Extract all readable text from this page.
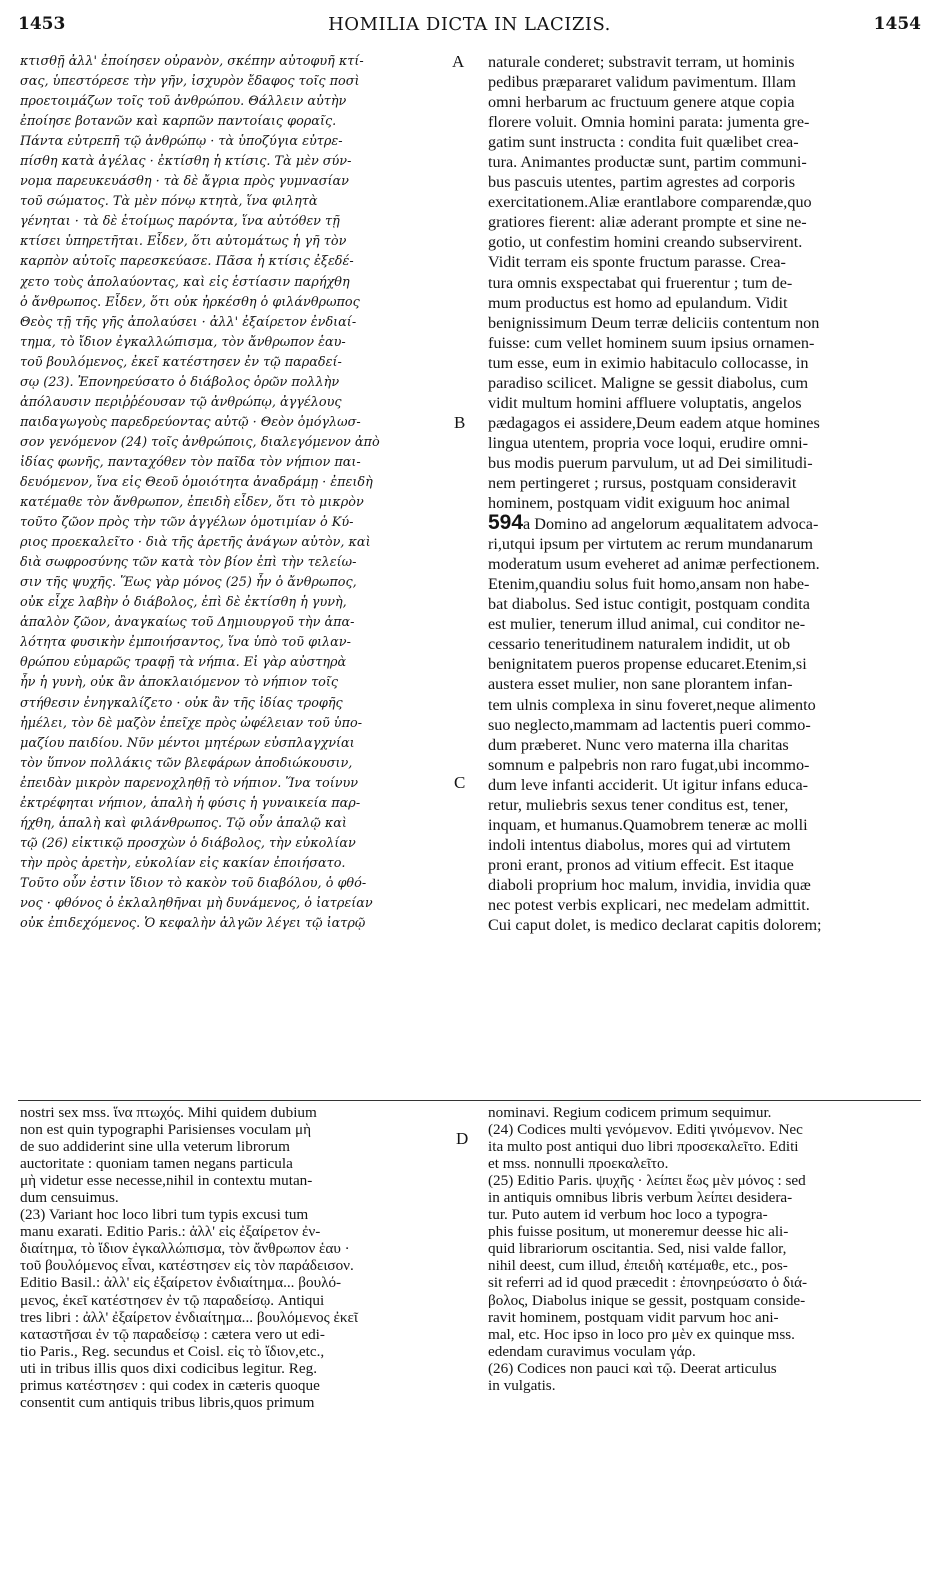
1453	HOMILIA DICTA IN LACIZIS.	1454
κτισθῇ ἀλλ' ἐποίησεν οὐρανὸν, σκέπην αὐτοφυῆ κτί-
σας, ὑπεστόρεσε τὴν γῆν, ἰσχυρὸν ἔδαφος τοῖς ποσὶ
προετοιμάζων τοῖς τοῦ ἀνθρώπου. Θάλλειν αὐτὴν
ἐποίησε βοτανῶν καὶ καρπῶν παντοίαις φοραῖς.
Πάντα εὐτρεπῆ τῷ ἀνθρώπῳ · τὰ ὑποζύγια εὐτρε-
πίσθη κατὰ ἀγέλας · ἐκτίσθη ἡ κτίσις. Τὰ μὲν σύν-
νομα παρευκευάσθη · τὰ δὲ ἄγρια πρὸς γυμνασίαν
τοῦ σώματος. Τὰ μὲν πόνῳ κτητὰ, ἵνα φιλητὰ
γένηται · τὰ δὲ ἑτοίμως παρόντα, ἵνα αὐτόθεν τῇ
κτίσει ὑπηρετῆται. Εἶδεν, ὅτι αὐτομάτως ἡ γῆ τὸν
καρπὸν αὐτοῖς παρεσκεύασε. Πᾶσα ἡ κτίσις ἐξεδέ-
χετο τοὺς ἀπολαύοντας, καὶ εἰς ἑστίασιν παρήχθη
ὁ ἄνθρωπος. Εἶδεν, ὅτι οὐκ ἠρκέσθη ὁ φιλάνθρωπος
Θεὸς τῇ τῆς γῆς ἀπολαύσει · ἀλλ' ἐξαίρετον ἐνδιαί-
τημα, τὸ ἴδιον ἐγκαλλώπισμα, τὸν ἄνθρωπον ἑαυ-
τοῦ βουλόμενος, ἐκεῖ κατέστησεν ἐν τῷ παραδεί-
σῳ (23). Ἐπονηρεύσατο ὁ διάβολος ὁρῶν πολλὴν
ἀπόλαυσιν περιῤῥέουσαν τῷ ἀνθρώπῳ, ἀγγέλους
παιδαγωγοὺς παρεδρεύοντας αὐτῷ · Θεὸν ὁμόγλωσ-
σον γενόμενον (24) τοῖς ἀνθρώποις, διαλεγόμενον ἀπὸ
ἰδίας φωνῆς, πανταχόθεν τὸν παῖδα τὸν νήπιον παι-
δευόμενον, ἵνα εἰς Θεοῦ ὁμοιότητα ἀναδράμῃ · ἐπειδὴ
κατέμαθε τὸν ἄνθρωπον, ἐπειδὴ εἶδεν, ὅτι τὸ μικρὸν
τοῦτο ζῶον πρὸς τὴν τῶν ἀγγέλων ὁμοτιμίαν ὁ Κύ-
ριος προεκαλεῖτο · διὰ τῆς ἀρετῆς ἀνάγων αὐτὸν, καὶ
διὰ σωφροσύνης τῶν κατὰ τὸν βίον ἐπὶ τὴν τελείω-
σιν τῆς ψυχῆς. Ἕως γὰρ μόνος (25) ἦν ὁ ἄνθρωπος,
οὐκ εἶχε λαβὴν ὁ διάβολος, ἐπὶ δὲ ἐκτίσθη ἡ γυνὴ,
ἁπαλὸν ζῶον, ἀναγκαίως τοῦ Δημιουργοῦ τὴν ἁπα-
λότητα φυσικὴν ἐμποιήσαντος, ἵνα ὑπὸ τοῦ φιλαν-
θρώπου εὐμαρῶς τραφῇ τὰ νήπια. Εἰ γὰρ αὐστηρὰ
ἦν ἡ γυνὴ, οὐκ ἂν ἀποκλαιόμενον τὸ νήπιον τοῖς
στήθεσιν ἐνηγκαλίζετο · οὐκ ἂν τῆς ἰδίας τροφῆς
ἠμέλει, τὸν δὲ μαζὸν ἐπεῖχε πρὸς ὠφέλειαν τοῦ ὑπο-
μαζίου παιδίου. Νῦν μέντοι μητέρων εὐσπλαγχνίαι
τὸν ὕπνον πολλάκις τῶν βλεφάρων ἀποδιώκουσιν,
ἐπειδὰν μικρὸν παρενοχληθῇ τὸ νήπιον. Ἵνα τοίνυν
ἐκτρέφηται νήπιον, ἁπαλὴ ἡ φύσις ἡ γυναικεία παρ-
ήχθη, ἁπαλὴ καὶ φιλάνθρωπος. Τῷ οὖν ἁπαλῷ καὶ
τῷ (26) εἰκτικῷ προσχὼν ὁ διάβολος, τὴν εὐκολίαν
τὴν πρὸς ἀρετὴν, εὐκολίαν εἰς κακίαν ἐποιήσατο.
Τοῦτο οὖν ἐστιν ἴδιον τὸ κακὸν τοῦ διαβόλου, ὁ φθό-
νος · φθόνος ὁ ἐκλαληθῆναι μὴ δυνάμενος, ὁ ἰατρείαν
οὐκ ἐπιδεχόμενος. Ὁ κεφαλὴν ἀλγῶν λέγει τῷ ἰατρῷ
naturale conderet; substravit terram, ut hominis
pedibus præpararet validum pavimentum. Illam
omni herbarum ac fructuum genere atque copia
florere voluit. Omnia homini parata: jumenta gre-
gatim sunt instructa : condita fuit quælibet crea-
tura. Animantes productæ sunt, partim communi-
bus pascuis utentes, partim agrestes ad corporis
exercitationem.Aliæ erantlabore comparendæ,quo
gratiores fierent: aliæ aderant prompte et sine ne-
gotio, ut confestim homini creando subservirent.
Vidit terram eis sponte fructum parasse. Crea-
tura omnis exspectabat qui fruerentur ; tum de-
mum productus est homo ad epulandum. Vidit
benignissimum Deum terræ deliciis contentum non
fuisse: cum vellet hominem suum ipsius ornamen-
tum esse, eum in eximio habitaculo collocasse, in
paradiso scilicet. Maligne se gessit diabolus, cum
vidit multum homini affluere voluptatis, angelos
pædagagos ei assidere,Deum eadem atque homines
lingua utentem, propria voce loqui, erudire omni-
bus modis puerum parvulum, ut ad Dei similitudi-
nem pertingeret ; rursus, postquam consideravit
hominem, postquam vidit exiguum hoc animal
594a Domino ad angelorum æqualitatem advoca-
ri,utqui ipsum per virtutem ac rerum mundanarum
moderatum usum eveheret ad animæ perfectionem.
Etenim,quandiu solus fuit homo,ansam non habe-
bat diabolus. Sed istuc contigit, postquam condita
est mulier, tenerum illud animal, cui conditor ne-
cessario teneritudinem naturalem indidit, ut ob
benignitatem pueros propense educaret.Etenim,si
austera esset mulier, non sane plorantem infan-
tem ulnis complexa in sinu foveret,neque alimento
suo neglecto,mammam ad lactentis pueri commo-
dum præberet. Nunc vero materna illa charitas
somnum e palpebris non raro fugat,ubi incommo-
dum leve infanti acciderit. Ut igitur infans educa-
retur, muliebris sexus tener conditus est, tener,
inquam, et humanus.Quamobrem teneræ ac molli
indoli intentus diabolus, mores qui ad virtutem
proni erant, pronos ad vitium effecit. Est itaque
diaboli proprium hoc malum, invidia, invidia quæ
nec potest verbis explicari, nec medelam admittit.
Cui caput dolet, is medico declarat capitis dolorem;
A
B
C
D
nostri sex mss. ἵνα πτωχός. Mihi quidem dubium
non est quin typographi Parisienses voculam μὴ
de suo addiderint sine ulla veterum librorum
auctoritate : quoniam tamen negans particula
μὴ videtur esse necesse,nihil in contextu mutan-
dum censuimus.
(23) Variant hoc loco libri tum typis excusi tum
manu exarati. Editio Paris.: ἀλλ' εἰς ἐξαίρετον ἐν-
διαίτημα, τὸ ἴδιον ἐγκαλλώπισμα, τὸν ἄνθρωπον ἑαυ ·
τοῦ βουλόμενος εἶναι, κατέστησεν εἰς τὸν παράδεισον.
Editio Basil.: ἀλλ' εἰς ἐξαίρετον ἐνδιαίτημα... βουλό-
μενος, ἐκεῖ κατέστησεν ἐν τῷ παραδείσῳ. Antiqui
tres libri : ἀλλ' ἐξαίρετον ἐνδιαίτημα... βουλόμενος ἐκεῖ
καταστῆσαι ἐν τῷ παραδείσῳ : cætera vero ut edi-
tio Paris., Reg. secundus et Coisl. εἰς τὸ ἴδιον,etc.,
uti in tribus illis quos dixi codicibus legitur. Reg.
primus κατέστησεν : qui codex in cæteris quoque
consentit cum antiquis tribus libris,quos primum
nominavi. Regium codicem primum sequimur.
(24) Codices multi γενόμενον. Editi γινόμενον. Nec
ita multo post antiqui duo libri προσεκαλεῖτο. Editi
et mss. nonnulli προεκαλεῖτο.
(25) Editio Paris. ψυχῆς · λείπει ἕως μὲν μόνος : sed
in antiquis omnibus libris verbum λείπει desidera-
tur. Puto autem id verbum hoc loco a typogra-
phis fuisse positum, ut moneremur deesse hic ali-
quid librariorum oscitantia. Sed, nisi valde fallor,
nihil deest, cum illud, ἐπειδὴ κατέμαθε, etc., pos-
sit referri ad id quod præcedit : ἐπονηρεύσατο ὁ διά-
βολος, Diabolus inique se gessit, postquam conside-
ravit hominem, postquam vidit parvum hoc ani-
mal, etc. Hoc ipso in loco pro μὲν ex quinque mss.
edendam curavimus voculam γάρ.
(26) Codices non pauci καὶ τῷ. Deerat articulus
in vulgatis.
